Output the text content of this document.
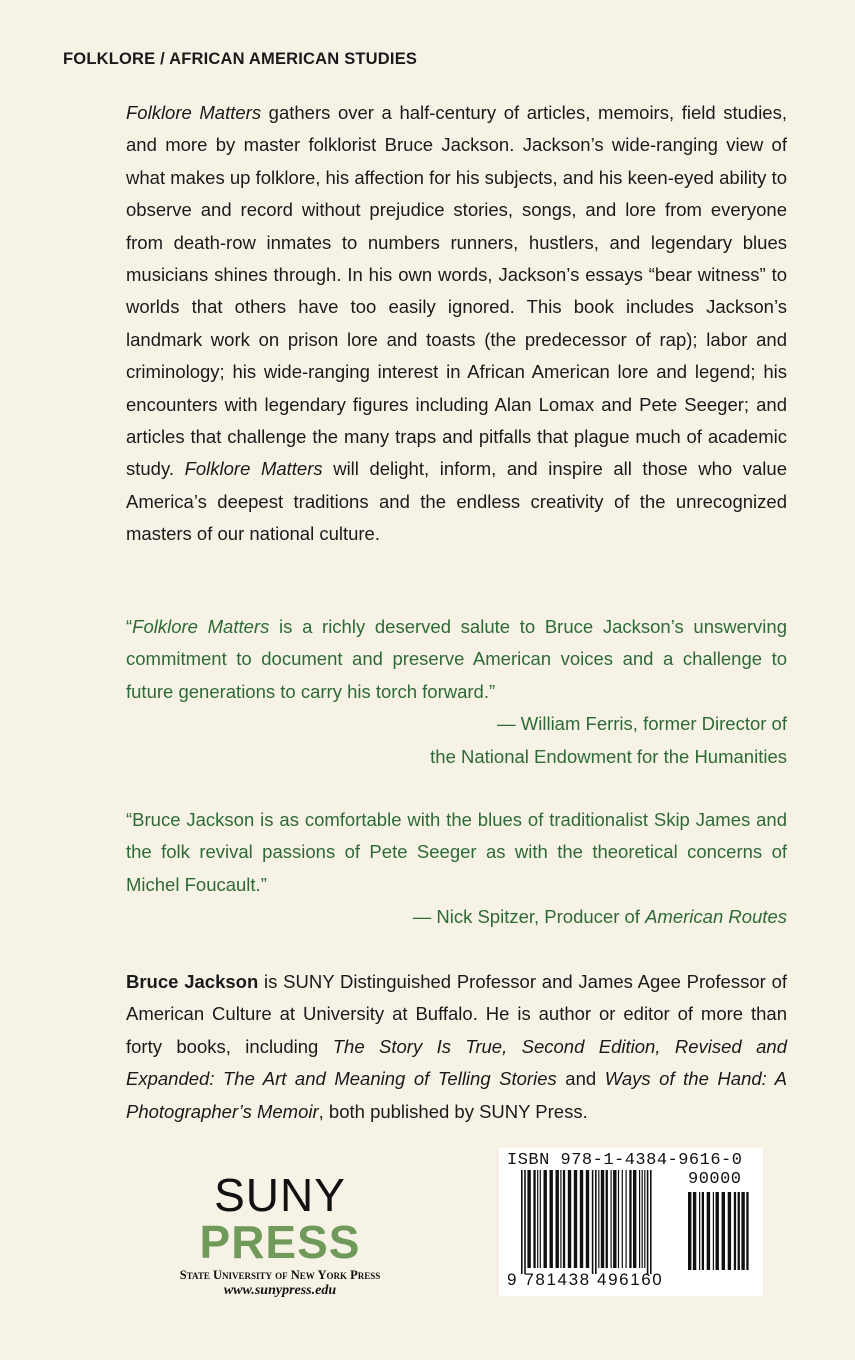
FOLKLORE / AFRICAN AMERICAN STUDIES

Folklore Matters gathers over a half-century of articles, memoirs, field studies, and more by master folklorist Bruce Jackson. Jackson’s wide-ranging view of what makes up folklore, his affection for his subjects, and his keen-eyed ability to observe and record without prejudice stories, songs, and lore from everyone from death-row inmates to numbers runners, hustlers, and legendary blues musicians shines through. In his own words, Jackson’s essays “bear witness” to worlds that others have too easily ignored. This book includes Jackson’s landmark work on prison lore and toasts (the predecessor of rap); labor and criminology; his wide-ranging interest in African American lore and legend; his encounters with legendary figures including Alan Lomax and Pete Seeger; and articles that challenge the many traps and pitfalls that plague much of academic study. Folklore Matters will delight, inform, and inspire all those who value America’s deepest traditions and the endless creativity of the unrecognized masters of our national culture.

“Folklore Matters is a richly deserved salute to Bruce Jackson’s unswerving commitment to document and preserve American voices and a challenge to future generations to carry his torch forward.”
— William Ferris, former Director of
the National Endowment for the Humanities

“Bruce Jackson is as comfortable with the blues of traditionalist Skip James and the folk revival passions of Pete Seeger as with the theoretical concerns of Michel Foucault.”
— Nick Spitzer, Producer of American Routes

Bruce Jackson is SUNY Distinguished Professor and James Agee Professor of American Culture at University at Buffalo. He is author or editor of more than forty books, including The Story Is True, Second Edition, Revised and Expanded: The Art and Meaning of Telling Stories and Ways of the Hand: A Photographer’s Memoir, both published by SUNY Press.

SUNY
PRESS
State University of New York Press
www.sunypress.edu
ISBN 978-1-4384-9616-0
90000
9 781438 496160
